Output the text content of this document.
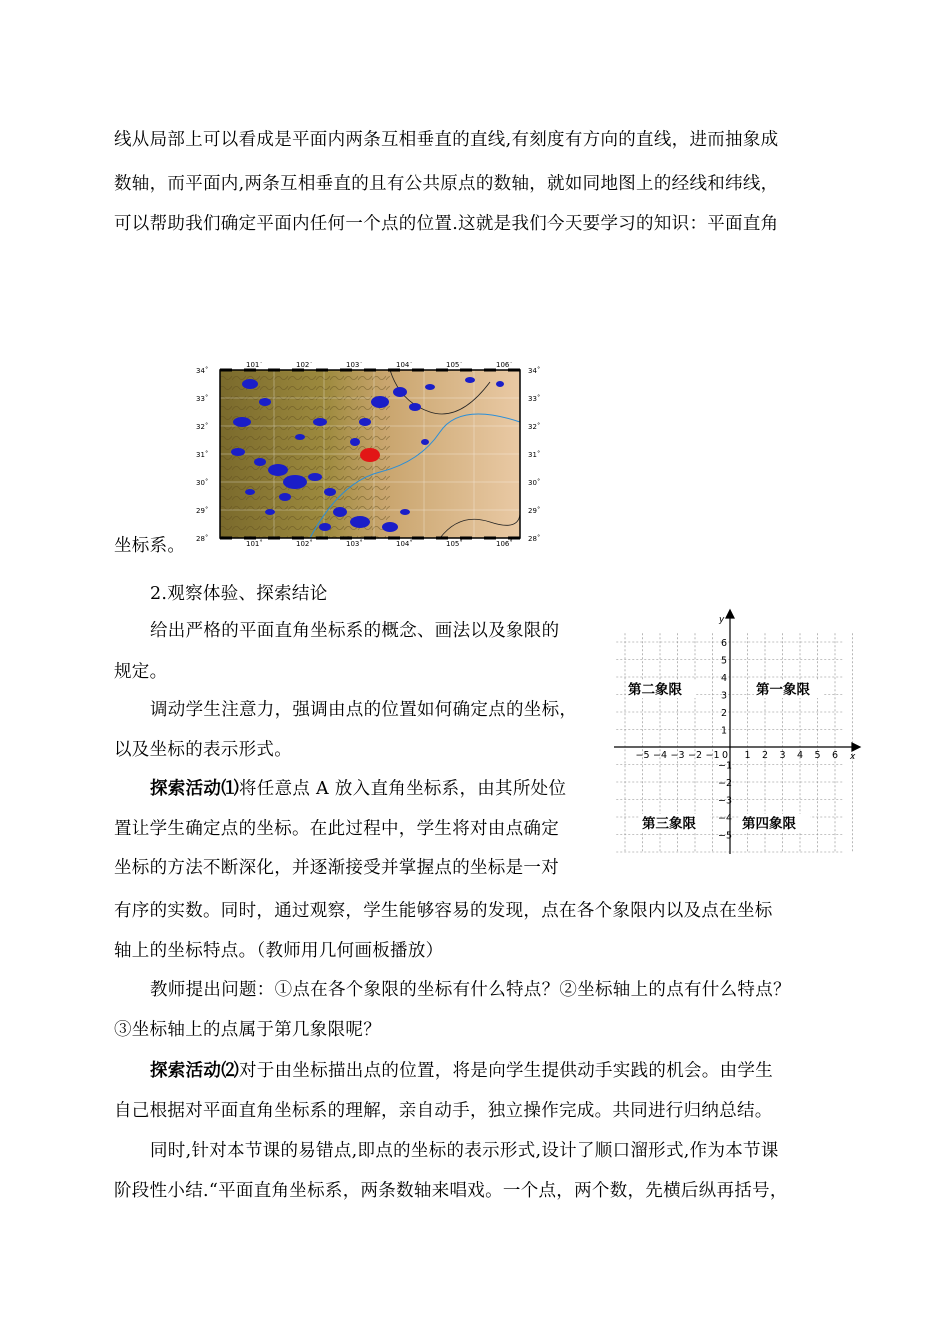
线从局部上可以看成是平面内两条互相垂直的直线,有刻度有方向的直线，进而抽象成
数轴，而平面内,两条互相垂直的且有公共原点的数轴，就如同地图上的经线和纬线，
可以帮助我们确定平面内任何一个点的位置.这就是我们今天要学习的知识：平面直角
101˚	102˚	103˚	104˚	105˚	106˚
101˚	102˚	103˚	104˚	105˚	106˚
34˚
33˚
32˚
31˚
30˚
29˚
28˚
34˚
33˚
32˚
31˚
30˚
29˚
28˚
坐标系。
2.观察体验、探索结论
给出严格的平面直角坐标系的概念、画法以及象限的
规定。
调动学生注意力，强调由点的位置如何确定点的坐标，
以及坐标的表示形式。
探索活动⑴将任意点 A 放入直角坐标系，由其所处位
置让学生确定点的坐标。在此过程中，学生将对由点确定
坐标的方法不断深化，并逐渐接受并掌握点的坐标是一对
有序的实数。同时，通过观察，学生能够容易的发现，点在各个象限内以及点在坐标
轴上的坐标特点。（教师用几何画板播放）
教师提出问题：①点在各个象限的坐标有什么特点？②坐标轴上的点有什么特点？
③坐标轴上的点属于第几象限呢？
探索活动⑵对于由坐标描出点的位置，将是向学生提供动手实践的机会。由学生
自己根据对平面直角坐标系的理解，亲自动手，独立操作完成。共同进行归纳总结。
同时,针对本节课的易错点,即点的坐标的表示形式,设计了顺口溜形式,作为本节课
阶段性小结.“平面直角坐标系，两条数轴来唱戏。一个点，两个数，先横后纵再括号，
−5 −4 −3 −2 −1	1 2 3 4 5 6
6
5
4
3
2
1
−1
−2
−3
−4
−5
x
y
0
第二象限	第一象限
第三象限	第四象限
